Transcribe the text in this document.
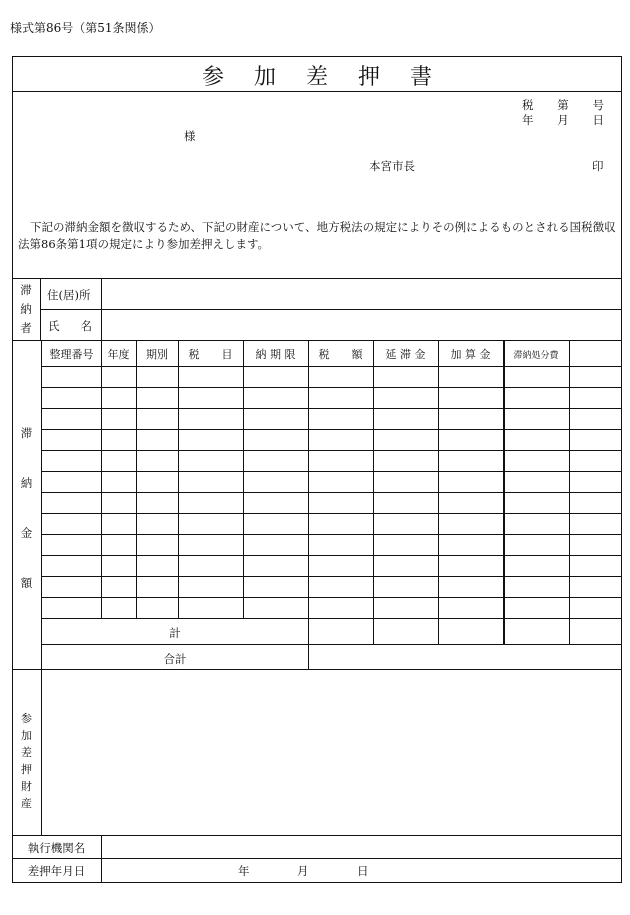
様式第86号（第51条関係）
参加差押書
税 第 号
年 月 日
様
本宮市長	印
下記の滞納金額を徴収するため、下記の財産について、地方税法の規定によりその例によるものとされる国税徴収法第86条第1項の規定により参加差押えします。
滞
納
者
住(居)所
氏 名
滞
納
金
額
整理番号	年度	期別	税　　目	納 期 限	税　　額	延 滞 金	加 算 金	滞納処分費
計
合計
参
加
差
押
財
産
執行機関名
差押年月日	年	月	日
